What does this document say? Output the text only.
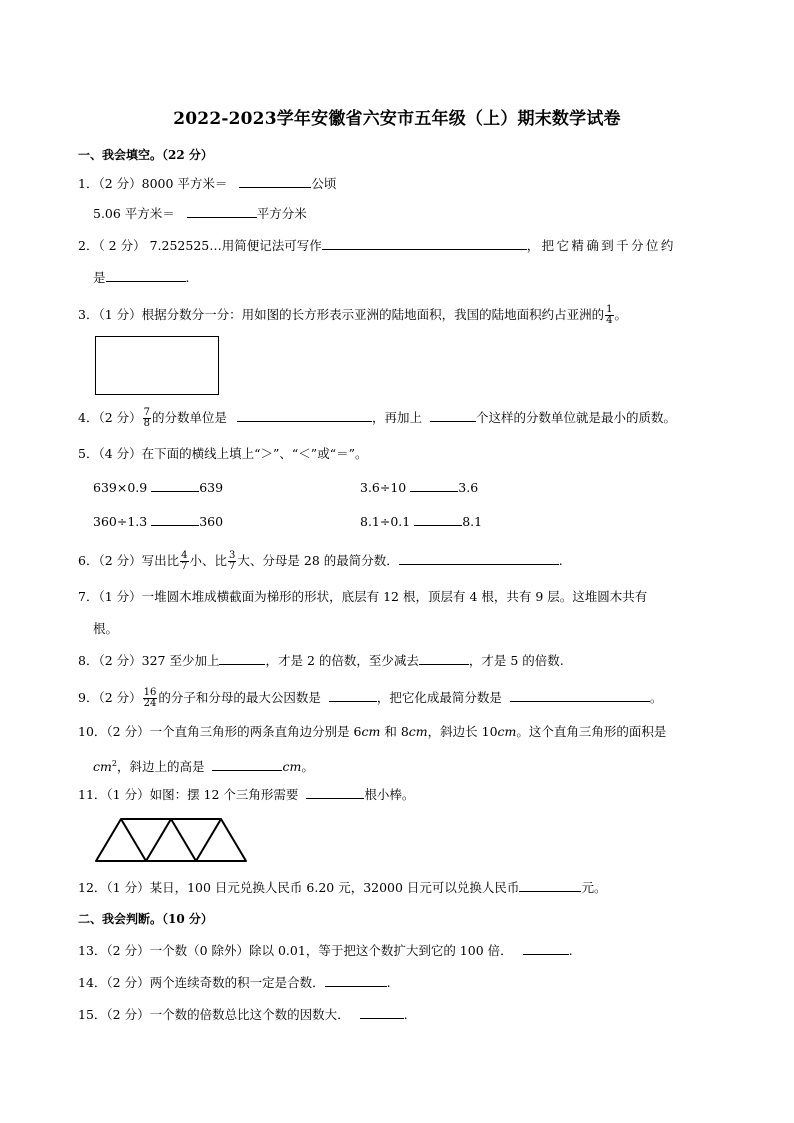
2022-2023学年安徽省六安市五年级（上）期末数学试卷
一、我会填空。（22 分）
1．（2 分）8000 平方米＝	公顷
5.06 平方米＝	平方分米
2．（ 2 分） 7.252525…用简便记法可写作	，把它精确到千分位约
是	.
3．（1 分）根据分数分一分：用如图的长方形表示亚洲的陆地面积，我国的陆地面积约占亚洲的 $\frac{1}{4}$ 。
4．（2 分） $\frac{7}{8}$ 的分数单位是	，再加上	个这样的分数单位就是最小的质数。
5．（4 分）在下面的横线上填上“＞”、“＜”或“＝”。
639×0.9	639	3.6÷10	3.6
360÷1.3	360	8.1÷0.1	8.1
6．（2 分）写出比 $\frac{4}{7}$ 小、比 $\frac{3}{7}$ 大、分母是 28 的最简分数．	.
7．（1 分）一堆圆木堆成横截面为梯形的形状，底层有 12 根，顶层有 4 根，共有 9 层。这堆圆木共有
根。
8．（2 分）327 至少加上	，才是 2 的倍数，至少减去	，才是 5 的倍数.
9．（2 分） $\frac{16}{24}$ 的分子和分母的最大公因数是	，把它化成最简分数是	。
10．（2 分）一个直角三角形的两条直角边分别是 6cm 和 8cm，斜边长 10cm。这个直角三角形的面积是
$cm^2$，斜边上的高是	cm。
11．（1 分）如图：摆 12 个三角形需要	根小棒。
12．（1 分）某日，100 日元兑换人民币 6.20 元，32000 日元可以兑换人民币	元。
二、我会判断。（10 分）
13．（2 分）一个数（0 除外）除以 0.01，等于把这个数扩大到它的 100 倍．	.
14．（2 分）两个连续奇数的积一定是合数．	.
15．（2 分）一个数的倍数总比这个数的因数大．	.
